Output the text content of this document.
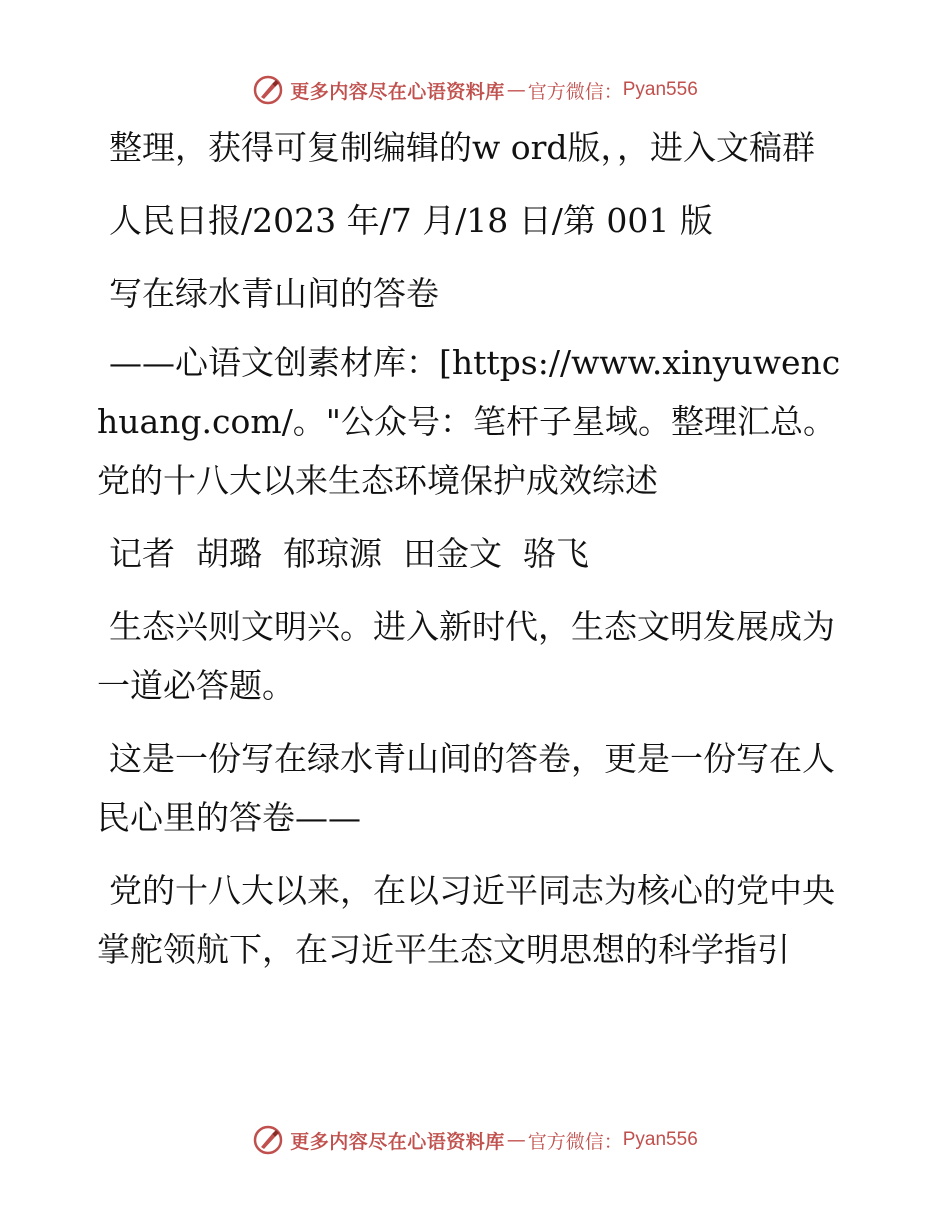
更多内容尽在心语资料库 — 官方微信： Pyan556

整理，获得可复制编辑的w ord版，，进入文稿群

人民日报/2023 年/7 月/18 日/第 001 版

写在绿水青山间的答卷

——心语文创素材库：[https://www.xinyuwenchuang.com/。"公众号：笔杆子星域。整理汇总。党的十八大以来生态环境保护成效综述

记者  胡璐  郁琼源  田金文  骆飞

生态兴则文明兴。进入新时代，生态文明发展成为一道必答题。

这是一份写在绿水青山间的答卷，更是一份写在人民心里的答卷——

党的十八大以来，在以习近平同志为核心的党中央掌舵领航下，在习近平生态文明思想的科学指引

更多内容尽在心语资料库 — 官方微信： Pyan556
